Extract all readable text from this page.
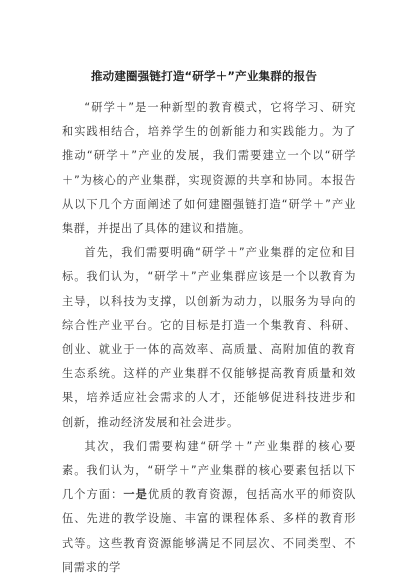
推动建圈强链打造“研学＋”产业集群的报告

“研学＋”是一种新型的教育模式，它将学习、研究和实践相结合，培养学生的创新能力和实践能力。为了推动“研学＋”产业的发展，我们需要建立一个以“研学＋”为核心的产业集群，实现资源的共享和协同。本报告从以下几个方面阐述了如何建圈强链打造“研学＋”产业集群，并提出了具体的建议和措施。

首先，我们需要明确“研学＋”产业集群的定位和目标。我们认为，“研学＋”产业集群应该是一个以教育为主导，以科技为支撑，以创新为动力，以服务为导向的综合性产业平台。它的目标是打造一个集教育、科研、创业、就业于一体的高效率、高质量、高附加值的教育生态系统。这样的产业集群不仅能够提高教育质量和效果，培养适应社会需求的人才，还能够促进科技进步和创新，推动经济发展和社会进步。

其次，我们需要构建“研学＋”产业集群的核心要素。我们认为，“研学＋”产业集群的核心要素包括以下几个方面：一是优质的教育资源，包括高水平的师资队伍、先进的教学设施、丰富的课程体系、多样的教育形式等。这些教育资源能够满足不同层次、不同类型、不同需求的学
